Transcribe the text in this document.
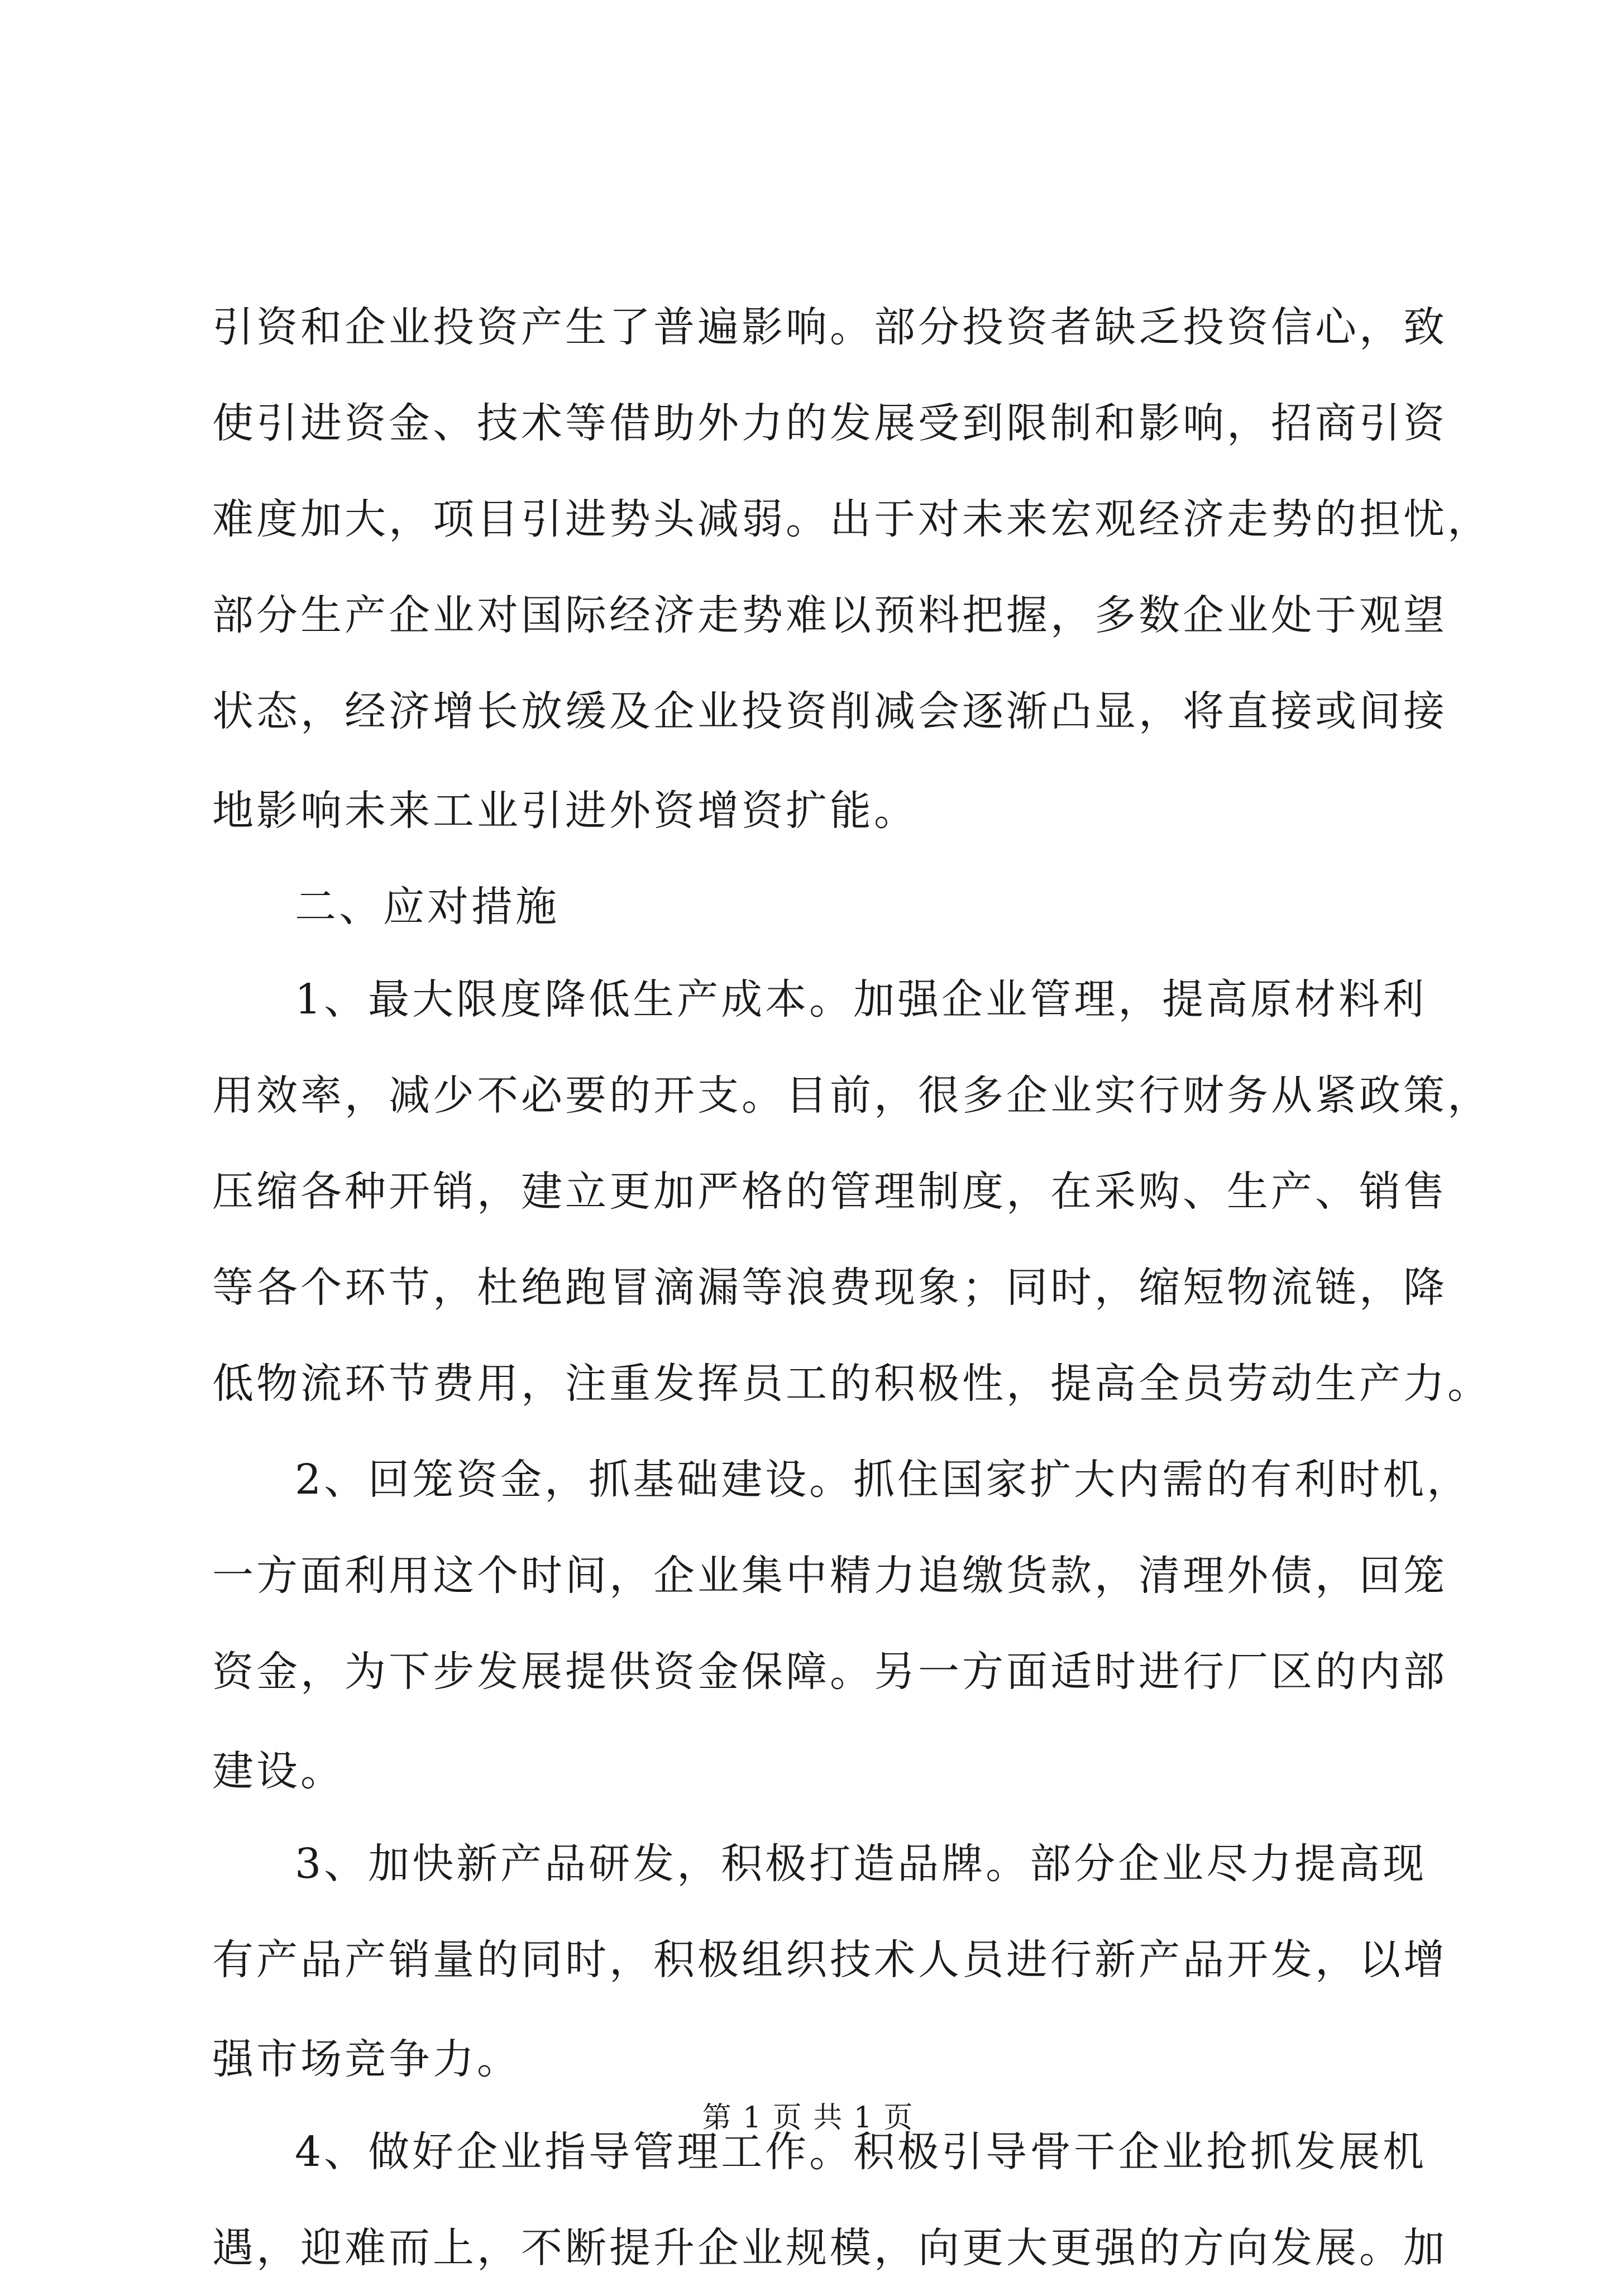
引资和企业投资产生了普遍影响。部分投资者缺乏投资信心，致
使引进资金、技术等借助外力的发展受到限制和影响，招商引资
难度加大，项目引进势头减弱。出于对未来宏观经济走势的担忧，
部分生产企业对国际经济走势难以预料把握，多数企业处于观望
状态，经济增长放缓及企业投资削减会逐渐凸显，将直接或间接
地影响未来工业引进外资增资扩能。
二、应对措施
1、最大限度降低生产成本。加强企业管理，提高原材料利
用效率，减少不必要的开支。目前，很多企业实行财务从紧政策，
压缩各种开销，建立更加严格的管理制度，在采购、生产、销售
等各个环节，杜绝跑冒滴漏等浪费现象；同时，缩短物流链，降
低物流环节费用，注重发挥员工的积极性，提高全员劳动生产力。
2、回笼资金，抓基础建设。抓住国家扩大内需的有利时机，
一方面利用这个时间，企业集中精力追缴货款，清理外债，回笼
资金，为下步发展提供资金保障。另一方面适时进行厂区的内部
建设。
3、加快新产品研发，积极打造品牌。部分企业尽力提高现
有产品产销量的同时，积极组织技术人员进行新产品开发，以增
强市场竞争力。
4、做好企业指导管理工作。积极引导骨干企业抢抓发展机
遇，迎难而上，不断提升企业规模，向更大更强的方向发展。加
第 1 页 共 1 页
